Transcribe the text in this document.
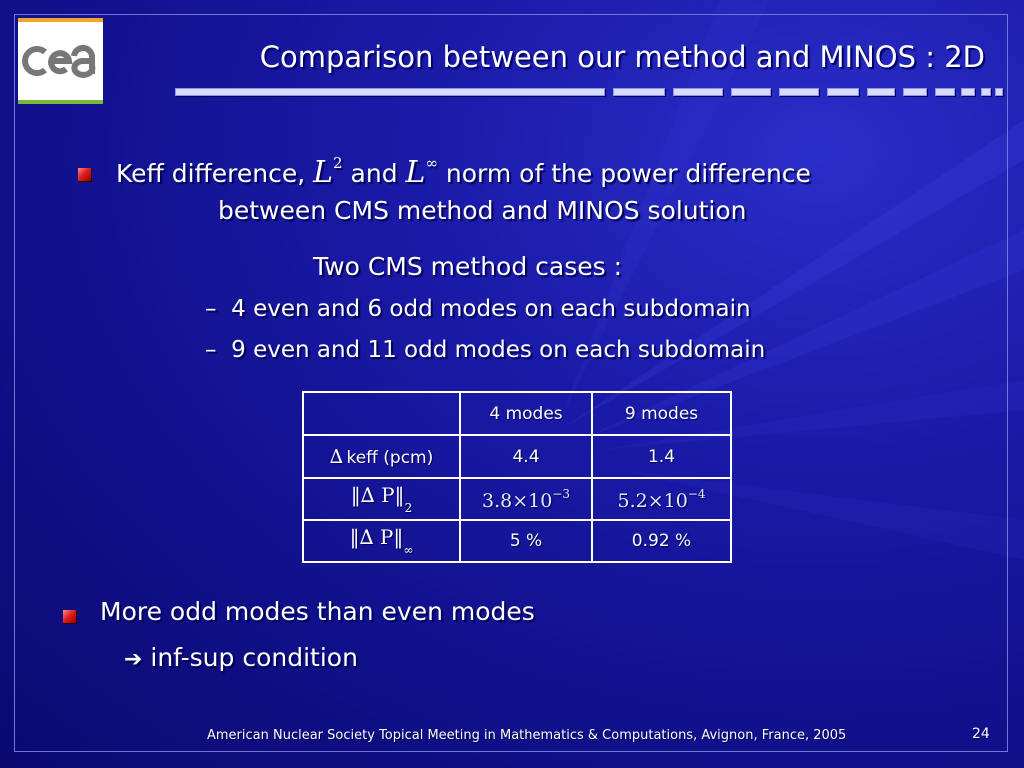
Comparison between our method and MINOS : 2D
Keff difference, $L^2$ and L∞ norm of the power difference
between CMS method and MINOS solution
Two CMS method cases :
– 4 even and 6 odd modes on each subdomain
– 9 even and 11 odd modes on each subdomain
	4 modes	9 modes
∆  keff (pcm)	4.4	1.4
‖∆ $P‖_2$	$3.8\times 10^{-3}$	$5.2\times 10^{-4}$
‖∆ $P‖_\infty$	5 %	0.92 %
More odd modes than even modes
➔ inf-sup condition
American Nuclear Society Topical Meeting in Mathematics & Computations, Avignon, France, 2005	24
